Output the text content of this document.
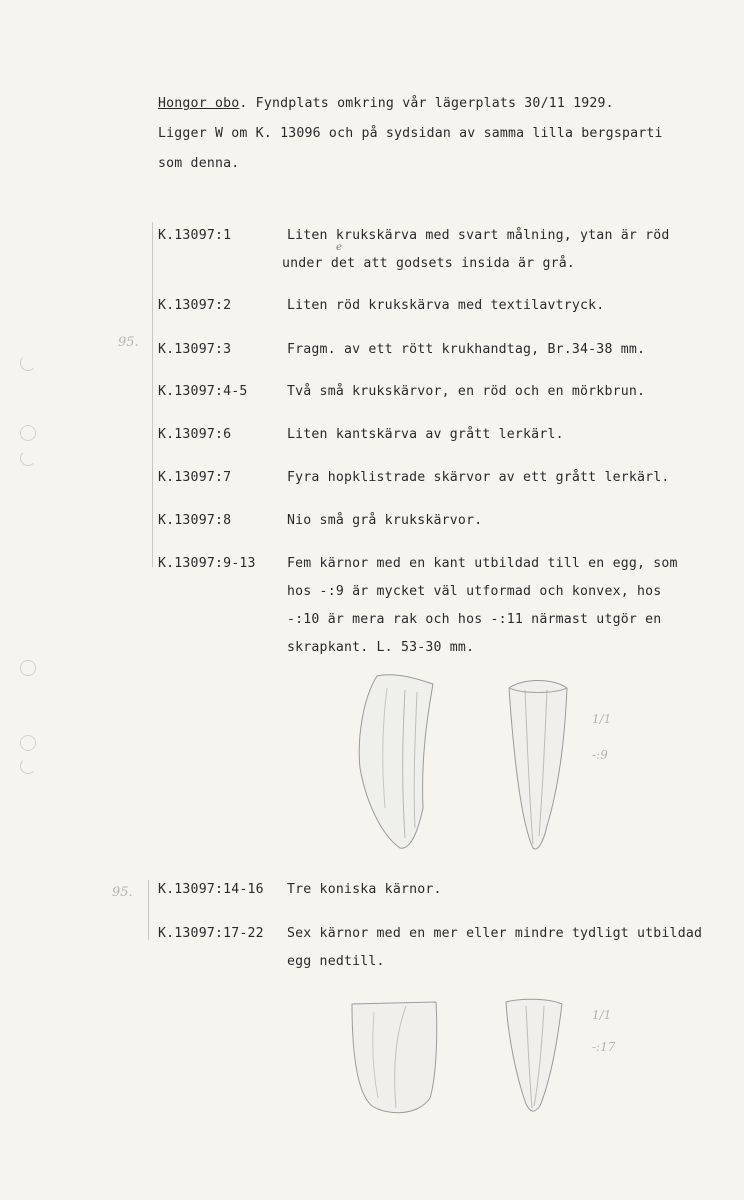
Hongor obo. Fyndplats omkring vår lägerplats 30/11 1929.
Ligger W om K. 13096 och på sydsidan av samma lilla bergsparti
som denna.
95.
95.
K.13097:1	Liten krukskärva med svart målning, ytan är röd
under det att godsets insida är grå.
e
K.13097:2	Liten röd krukskärva med textilavtryck.
K.13097:3	Fragm. av ett rött krukhandtag, Br.34-38 mm.
K.13097:4-5	Två små krukskärvor, en röd och en mörkbrun.
K.13097:6	Liten kantskärva av grått lerkärl.
K.13097:7	Fyra hopklistrade skärvor av ett grått lerkärl.
K.13097:8	Nio små grå krukskärvor.
K.13097:9-13 Fem kärnor med en kant utbildad till en egg, som
hos -:9 är mycket väl utformad och konvex, hos
-:10 är mera rak och hos -:11 närmast utgör en
skrapkant. L. 53-30 mm.
1/1
-:9
K.13097:14-16 Tre koniska kärnor.
K.13097:17-22 Sex kärnor med en mer eller mindre tydligt utbildad
egg nedtill.
1/1
-:17
